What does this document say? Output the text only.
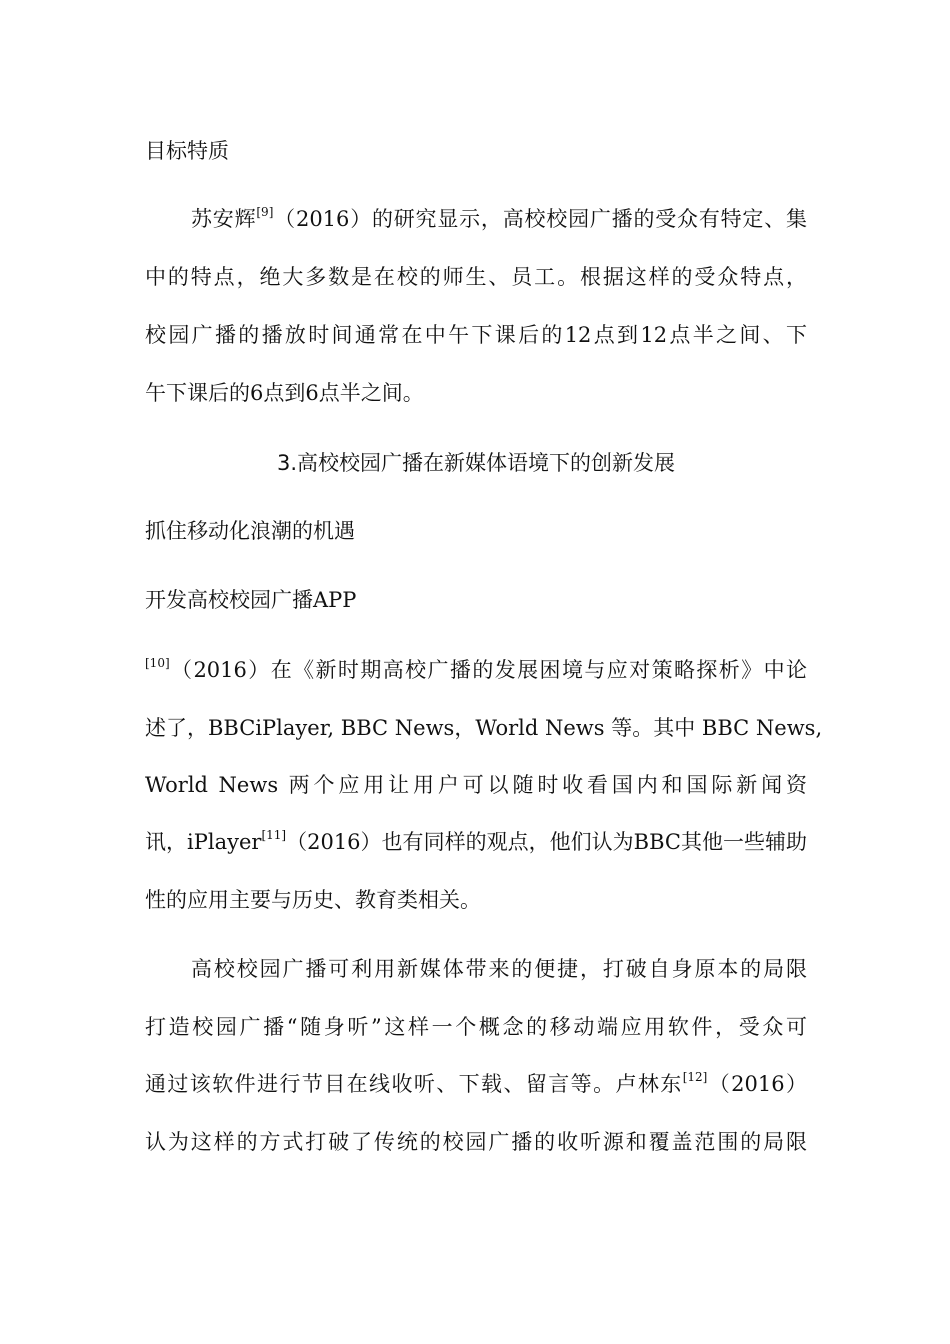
目标特质
苏安辉[9]（2016）的研究显示，高校校园广播的受众有特定、集
中的特点，绝大多数是在校的师生、员工。根据这样的受众特点，
校园广播的播放时间通常在中午下课后的12点到12点半之间、下
午下课后的6点到6点半之间。
3.高校校园广播在新媒体语境下的创新发展
抓住移动化浪潮的机遇
开发高校校园广播APP
[10]（2016）在《新时期高校广播的发展困境与应对策略探析》中论
述了，BBCiPlayer, BBC News，World News 等。其中 BBC News,
World News 两个应用让用户可以随时收看国内和国际新闻资
讯，iPlayer[11]（2016）也有同样的观点，他们认为BBC其他一些辅助
性的应用主要与历史、教育类相关。
高校校园广播可利用新媒体带来的便捷，打破自身原本的局限
打造校园广播“随身听”这样一个概念的移动端应用软件，受众可
通过该软件进行节目在线收听、下载、留言等。卢林东[12]（2016）
认为这样的方式打破了传统的校园广播的收听源和覆盖范围的局限
